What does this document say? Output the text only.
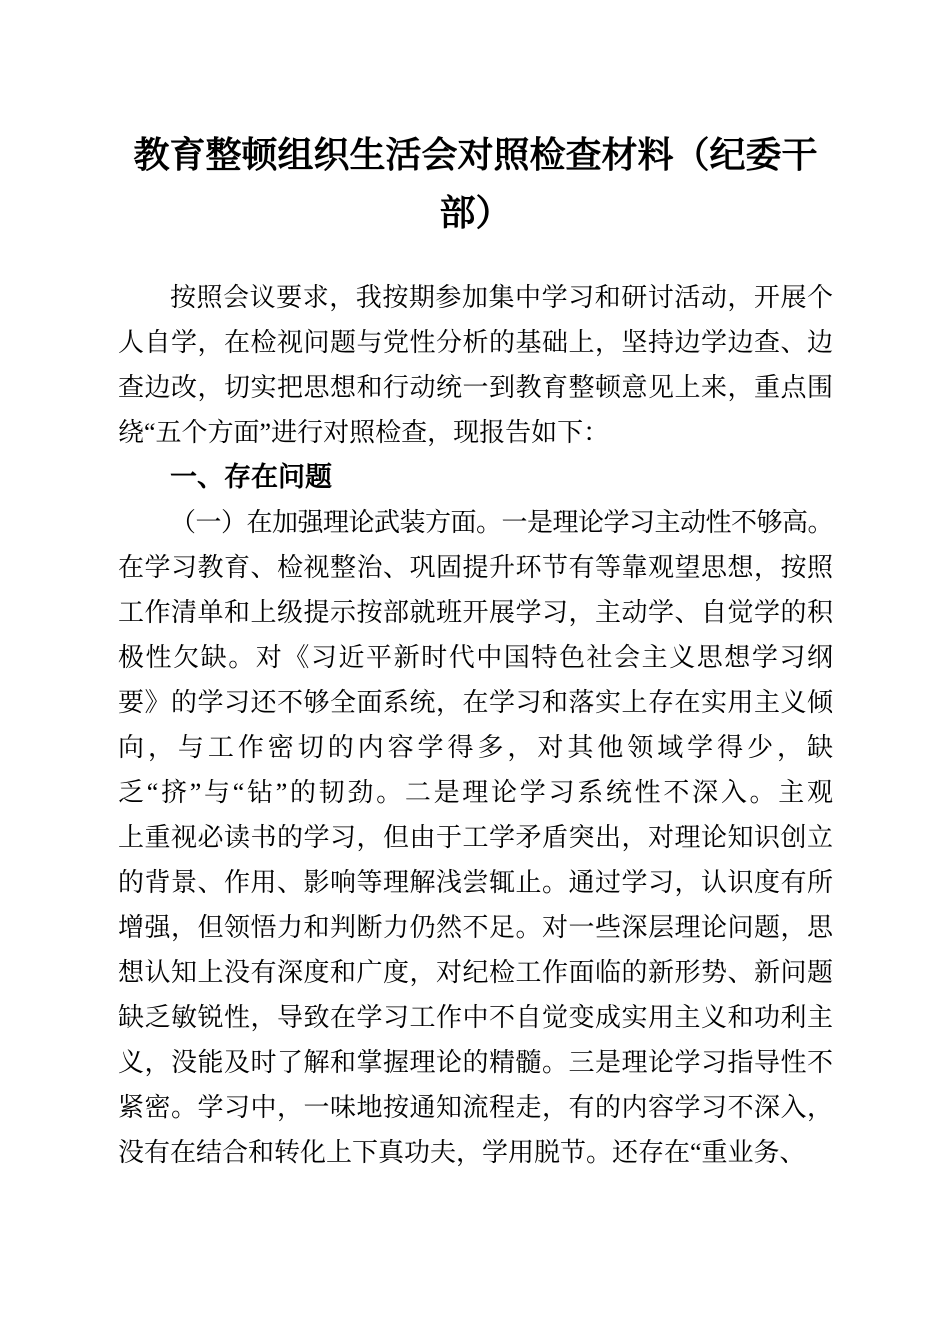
教育整顿组织生活会对照检查材料（纪委干
部）
按照会议要求，我按期参加集中学习和研讨活动，开展个
人自学，在检视问题与党性分析的基础上，坚持边学边查、边
查边改，切实把思想和行动统一到教育整顿意见上来，重点围
绕“五个方面”进行对照检查，现报告如下：
一、存在问题
（一）在加强理论武装方面。一是理论学习主动性不够高。
在学习教育、检视整治、巩固提升环节有等靠观望思想，按照
工作清单和上级提示按部就班开展学习，主动学、自觉学的积
极性欠缺。对《习近平新时代中国特色社会主义思想学习纲
要》的学习还不够全面系统，在学习和落实上存在实用主义倾
向，与工作密切的内容学得多，对其他领域学得少，缺
乏“挤”与“钻”的韧劲。二是理论学习系统性不深入。主观
上重视必读书的学习，但由于工学矛盾突出，对理论知识创立
的背景、作用、影响等理解浅尝辄止。通过学习，认识度有所
增强，但领悟力和判断力仍然不足。对一些深层理论问题，思
想认知上没有深度和广度，对纪检工作面临的新形势、新问题
缺乏敏锐性，导致在学习工作中不自觉变成实用主义和功利主
义，没能及时了解和掌握理论的精髓。三是理论学习指导性不
紧密。学习中，一味地按通知流程走，有的内容学习不深入，
没有在结合和转化上下真功夫，学用脱节。还存在“重业务、
